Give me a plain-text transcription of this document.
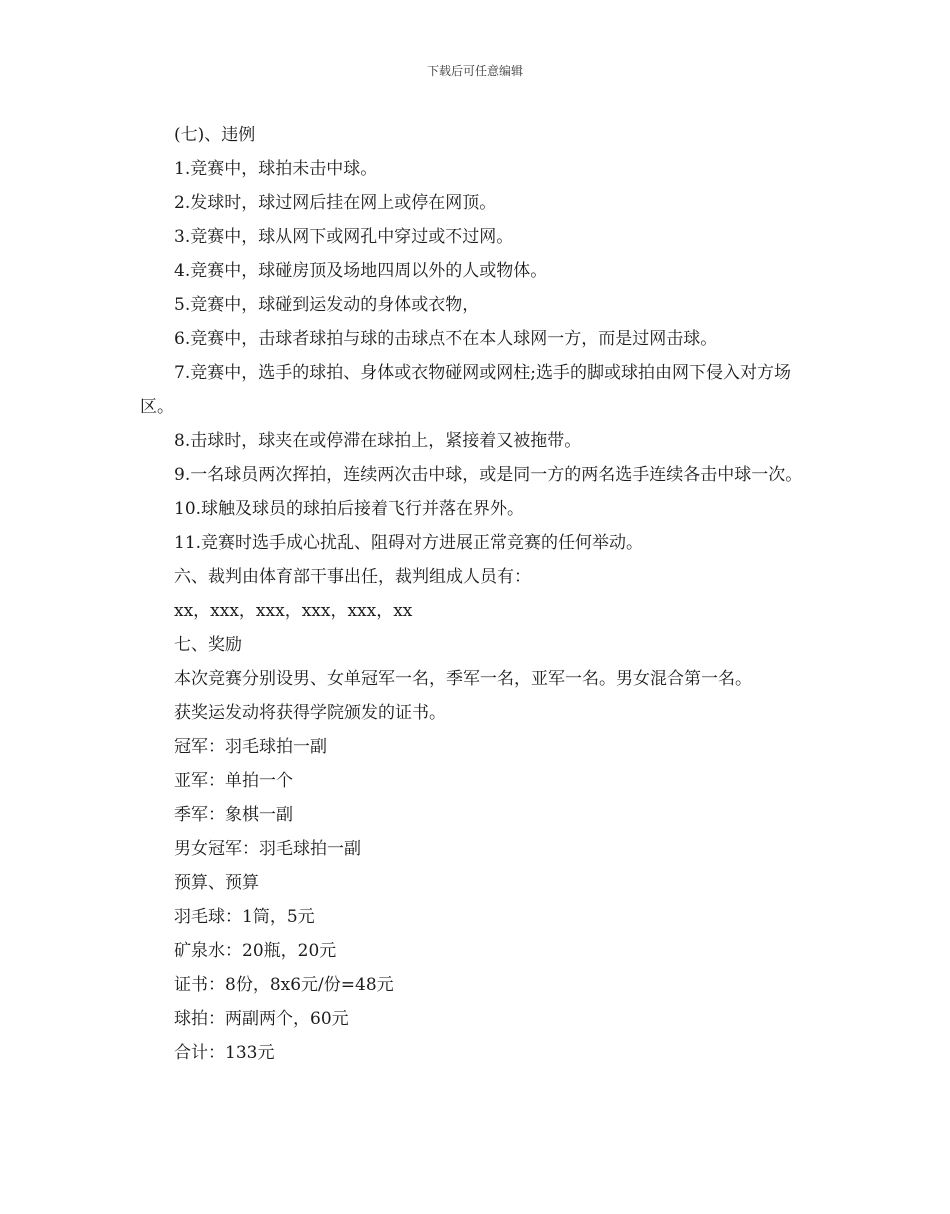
下载后可任意编辑

(七)、违例

1.竞赛中，球拍未击中球。

2.发球时，球过网后挂在网上或停在网顶。

3.竞赛中，球从网下或网孔中穿过或不过网。

4.竞赛中，球碰房顶及场地四周以外的人或物体。

5.竞赛中，球碰到运发动的身体或衣物，

6.竞赛中，击球者球拍与球的击球点不在本人球网一方，而是过网击球。

7.竞赛中，选手的球拍、身体或衣物碰网或网柱;选手的脚或球拍由网下侵入对方场区。

8.击球时，球夹在或停滞在球拍上，紧接着又被拖带。

9.一名球员两次挥拍，连续两次击中球，或是同一方的两名选手连续各击中球一次。

10.球触及球员的球拍后接着飞行并落在界外。

11.竞赛时选手成心扰乱、阻碍对方进展正常竞赛的任何举动。

六、裁判由体育部干事出任，裁判组成人员有：

xx，xxx，xxx，xxx，xxx，xx

七、奖励

本次竞赛分别设男、女单冠军一名，季军一名，亚军一名。男女混合第一名。

获奖运发动将获得学院颁发的证书。

冠军：羽毛球拍一副

亚军：单拍一个

季军：象棋一副

男女冠军：羽毛球拍一副

预算、预算

羽毛球：1筒，5元

矿泉水：20瓶，20元

证书：8份，8x6元/份=48元

球拍：两副两个，60元

合计：133元
